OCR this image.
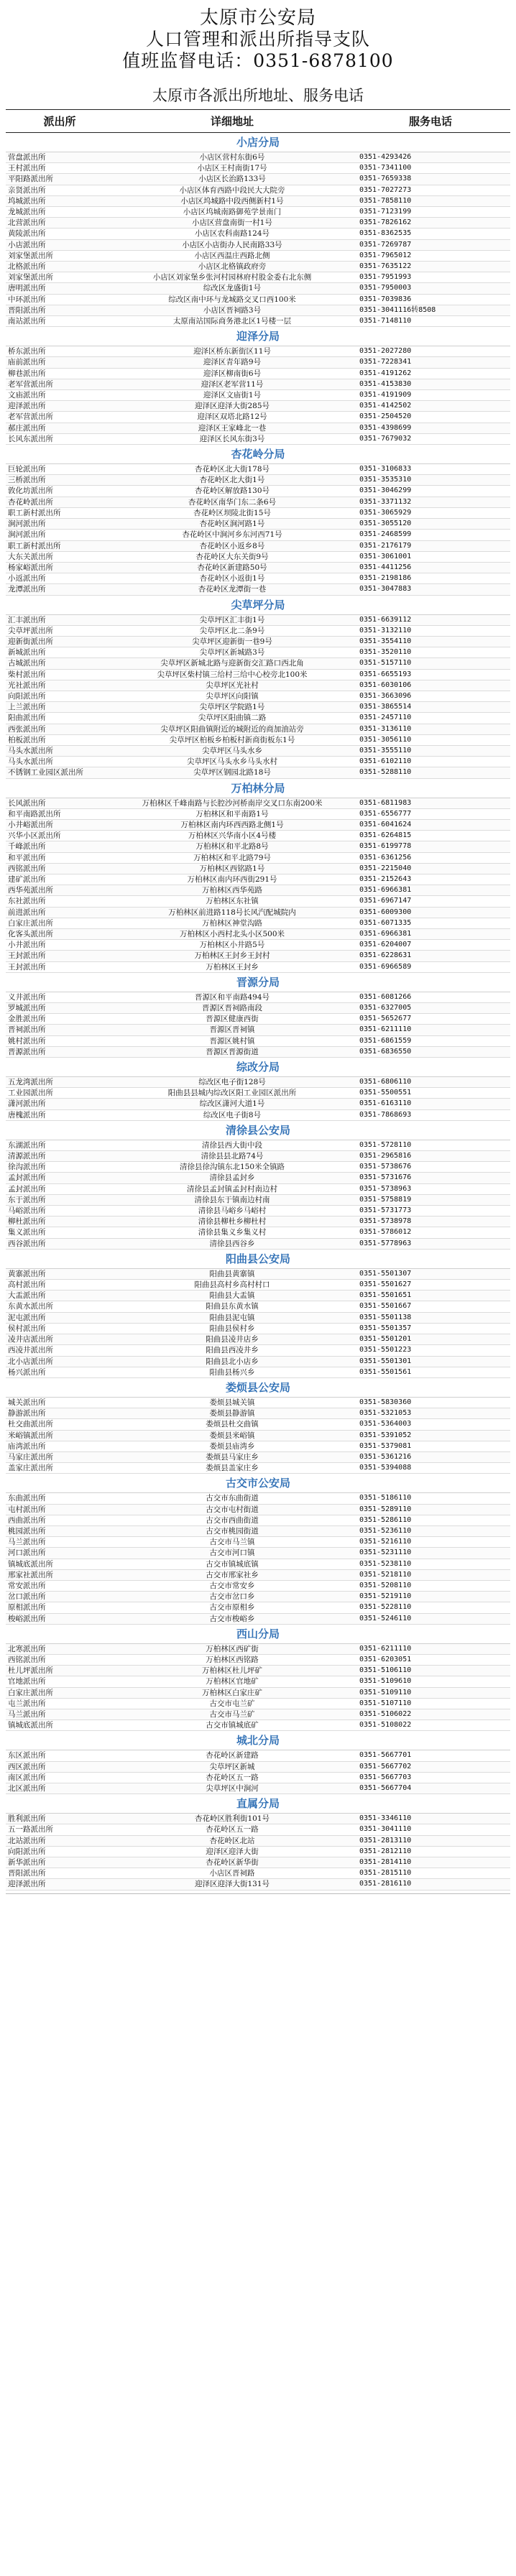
太原市公安局
人口管理和派出所指导支队
值班监督电话：0351-6878100
太原市各派出所地址、服务电话
派出所	详细地址	服务电话
小店分局		
营盘派出所	小店区营村东街6号	0351-4293426
王村派出所	小店区王村南街17号	0351-7341100
平阳路派出所	小店区长治路133号	0351-7659338
亲贤派出所	小店区体育西路中段民大大院旁	0351-7027273
坞城派出所	小店区坞城路中段西侧新村1号	0351-7858110
龙城派出所	小店区坞城南路御苑学景南门	0351-7123199
北营派出所	小店区营盘南街一村1号	0351-7826162
黄陵派出所	小店区农科南路124号	0351-8362535
小店派出所	小店区小店街办人民南路33号	0351-7269787
刘家堡派出所	小店区西温庄西路北侧	0351-7965012
北格派出所	小店区北格镇政府旁	0351-7635122
刘家堡派出所	小店区刘家堡乡张河村园林府村股金委右北东侧	0351-7951993
唐明派出所	综改区龙盛街1号	0351-7950003
中环派出所	综改区南中环与龙城路交叉口西100米	0351-7039836
晋阳派出所	小店区晋祠路3号	0351-3041116转8508
南站派出所	太原南站国际商务港北区1号楼一层	0351-7148110
迎泽分局		
桥东派出所	迎泽区桥东新街区11号	0351-2027280
庙前派出所	迎泽区青年路9号	0351-7228341
柳巷派出所	迎泽区柳南街6号	0351-4191262
老军营派出所	迎泽区老军营11号	0351-4153830
文庙派出所	迎泽区文庙街1号	0351-4191909
迎泽派出所	迎泽区迎泽大街285号	0351-4142502
老军营派出所	迎泽区双塔北路12号	0351-2504520
郝庄派出所	迎泽区王家峰北一巷	0351-4398699
长风东派出所	迎泽区长风东街3号	0351-7679032
杏花岭分局		
巨轮派出所	杏花岭区北大街178号	0351-3106833
三桥派出所	杏花岭区北大街1号	0351-3535310
敦化坊派出所	杏花岭区解放路130号	0351-3046299
杏花岭派出所	杏花岭区南华门东二条6号	0351-3371132
职工新村派出所	杏花岭区坝陵北街15号	0351-3065929
涧河派出所	杏花岭区涧河路1号	0351-3055120
涧河派出所	杏花岭区中涧河乡东河西71号	0351-2468599
职工新村派出所	杏花岭区小返乡8号	0351-2176179
大东关派出所	杏花岭区大东关街9号	0351-3061001
杨家峪派出所	杏花岭区新建路50号	0351-4411256
小返派出所	杏花岭区小返街1号	0351-2198186
龙潭派出所	杏花岭区龙潭街一巷	0351-3047883
尖草坪分局		
汇丰派出所	尖草坪区汇丰街1号	0351-6639112
尖草坪派出所	尖草坪区北二条9号	0351-3132110
迎新街派出所	尖草坪区迎新街一巷9号	0351-3554110
新城派出所	尖草坪区新城路3号	0351-3520110
古城派出所	尖草坪区新城北路与迎新街交汇路口西北角	0351-5157110
柴村派出所	尖草坪区柴村镇三给村三给中心校旁北100米	0351-6655193
光社派出所	尖草坪区光社村	0351-6030106
向阳派出所	尖草坪区向阳镇	0351-3663096
上兰派出所	尖草坪区学院路1号	0351-3865514
阳曲派出所	尖草坪区阳曲镇二路	0351-2457110
西张派出所	尖草坪区阳曲镇附近的城附近的商加油站旁	0351-3136110
柏板派出所	尖草坪区柏板乡柏板村新商街板东1号	0351-3056110
马头水派出所	尖草坪区马头水乡	0351-3555110
马头水派出所	尖草坪区马头水乡马头水村	0351-6102110
不锈钢工业园区派出所	尖草坪区钢园北路18号	0351-5288110
万柏林分局		
长风派出所	万柏林区千峰南路与长腔沙河桥南岸交叉口东南200米	0351-6811983
和平南路派出所	万柏林区和平南路1号	0351-6556777
小井峪派出所	万柏林区南内环西西路北侧1号	0351-6041624
兴华小区派出所	万柏林区兴华南小区4号楼	0351-6264815
千峰派出所	万柏林区和平北路8号	0351-6199778
和平派出所	万柏林区和平北路79号	0351-6361256
西铭派出所	万柏林区西铭路1号	0351-2215040
建矿派出所	万柏林区南内环西街291号	0351-2152643
西华苑派出所	万柏林区西华苑路	0351-6966381
东社派出所	万柏林区东社镇	0351-6967147
前进派出所	万柏林区前进路118号长风汽配城院内	0351-6009300
白家庄派出所	万柏林区神堂沟路	0351-6071335
化客头派出所	万柏林区小西村北头小区500米	0351-6966381
小井派出所	万柏林区小井路5号	0351-6204007
王封派出所	万柏林区王封乡王封村	0351-6228631
王封派出所	万柏林区王封乡	0351-6966589
晋源分局		
义井派出所	晋源区和平南路494号	0351-6081266
罗城派出所	晋源区晋祠路南段	0351-6327005
金胜派出所	晋源区健康西街	0351-5652677
晋祠派出所	晋源区晋祠镇	0351-6211110
姚村派出所	晋源区姚村镇	0351-6861559
晋源派出所	晋源区晋源街道	0351-6836550
综改分局		
五龙湾派出所	综改区电子街128号	0351-6806110
工业园派出所	阳曲县县城内综改区阳工业园区派出所	0351-5500551
潇河派出所	综改区潇河大道1号	0351-6163110
唐槐派出所	综改区电子街8号	0351-7868693
清徐县公安局		
东湖派出所	清徐县西大街中段	0351-5728110
清源派出所	清徐县县北路74号	0351-2965816
徐沟派出所	清徐县徐沟镇东北150米全镇路	0351-5738676
孟封派出所	清徐县孟封乡	0351-5731676
孟封派出所	清徐县孟封镇孟封村南边村	0351-5738963
东于派出所	清徐县东于镇南边村南	0351-5758819
马峪派出所	清徐县马峪乡马峪村	0351-5731773
柳杜派出所	清徐县柳杜乡柳杜村	0351-5738978
集义派出所	清徐县集义乡集义村	0351-5786012
西谷派出所	清徐县西谷乡	0351-5778963
阳曲县公安局		
黄寨派出所	阳曲县黄寨镇	0351-5501307
高村派出所	阳曲县高村乡高村村口	0351-5501627
大盂派出所	阳曲县大盂镇	0351-5501651
东黄水派出所	阳曲县东黄水镇	0351-5501667
泥屯派出所	阳曲县泥屯镇	0351-5501138
侯村派出所	阳曲县侯村乡	0351-5501357
凌井店派出所	阳曲县凌井店乡	0351-5501201
西凌井派出所	阳曲县西凌井乡	0351-5501223
北小店派出所	阳曲县北小店乡	0351-5501301
杨兴派出所	阳曲县杨兴乡	0351-5501561
娄烦县公安局		
城关派出所	娄烦县城关镇	0351-5830360
静游派出所	娄烦县静游镇	0351-5321053
杜交曲派出所	娄烦县杜交曲镇	0351-5364003
米峪镇派出所	娄烦县米峪镇	0351-5391052
庙湾派出所	娄烦县庙湾乡	0351-5379081
马家庄派出所	娄烦县马家庄乡	0351-5361216
盖家庄派出所	娄烦县盖家庄乡	0351-5394088
古交市公安局		
东曲派出所	古交市东曲街道	0351-5186110
屯村派出所	古交市屯村街道	0351-5289110
西曲派出所	古交市西曲街道	0351-5286110
桃园派出所	古交市桃园街道	0351-5236110
马兰派出所	古交市马兰镇	0351-5216110
河口派出所	古交市河口镇	0351-5231110
镇城底派出所	古交市镇城底镇	0351-5238110
邢家社派出所	古交市邢家社乡	0351-5218110
常安派出所	古交市常安乡	0351-5208110
岔口派出所	古交市岔口乡	0351-5219110
原相派出所	古交市原相乡	0351-5228110
梭峪派出所	古交市梭峪乡	0351-5246110
西山分局		
北寒派出所	万柏林区西矿街	0351-6211110
西铭派出所	万柏林区西铭路	0351-6203051
杜儿坪派出所	万柏林区杜儿坪矿	0351-5106110
官地派出所	万柏林区官地矿	0351-5109610
白家庄派出所	万柏林区白家庄矿	0351-5109110
屯兰派出所	古交市屯兰矿	0351-5107110
马兰派出所	古交市马兰矿	0351-5106022
镇城底派出所	古交市镇城底矿	0351-5108022
城北分局		
东区派出所	杏花岭区新建路	0351-5667701
西区派出所	尖草坪区新城	0351-5667702
南区派出所	杏花岭区五一路	0351-5667703
北区派出所	尖草坪区中涧河	0351-5667704
直属分局		
胜利派出所	杏花岭区胜利街101号	0351-3346110
五一路派出所	杏花岭区五一路	0351-3041110
北站派出所	杏花岭区北站	0351-2813110
向阳派出所	迎泽区迎泽大街	0351-2812110
新华派出所	杏花岭区新华街	0351-2814110
晋阳派出所	小店区晋祠路	0351-2815110
迎泽派出所	迎泽区迎泽大街131号	0351-2816110
